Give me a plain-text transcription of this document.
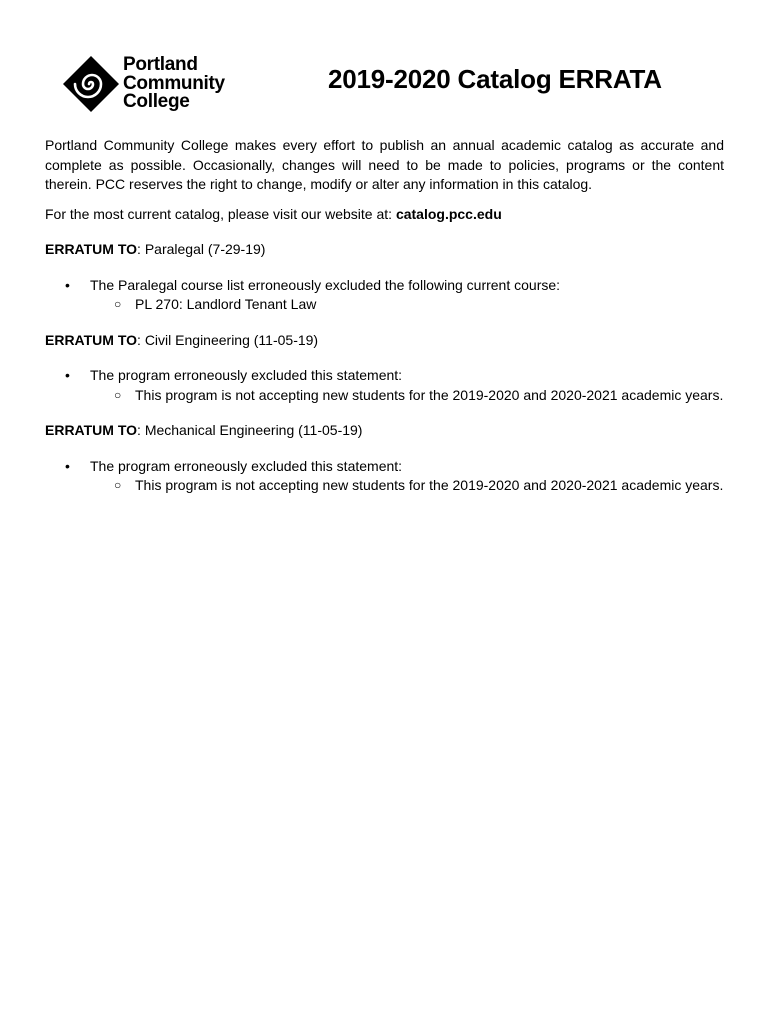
Portland
Community
College
2019-2020 Catalog ERRATA

Portland Community College makes every effort to publish an annual academic catalog as accurate and complete as possible. Occasionally, changes will need to be made to policies, programs or the content therein. PCC reserves the right to change, modify or alter any information in this catalog.

For the most current catalog, please visit our website at: catalog.pcc.edu

ERRATUM TO: Paralegal (7-29-19)

• The Paralegal course list erroneously excluded the following current course:
○ PL 270: Landlord Tenant Law

ERRATUM TO: Civil Engineering (11-05-19)

• The program erroneously excluded this statement:
○ This program is not accepting new students for the 2019-2020 and 2020-2021 academic years.

ERRATUM TO: Mechanical Engineering (11-05-19)

• The program erroneously excluded this statement:
○ This program is not accepting new students for the 2019-2020 and 2020-2021 academic years.
